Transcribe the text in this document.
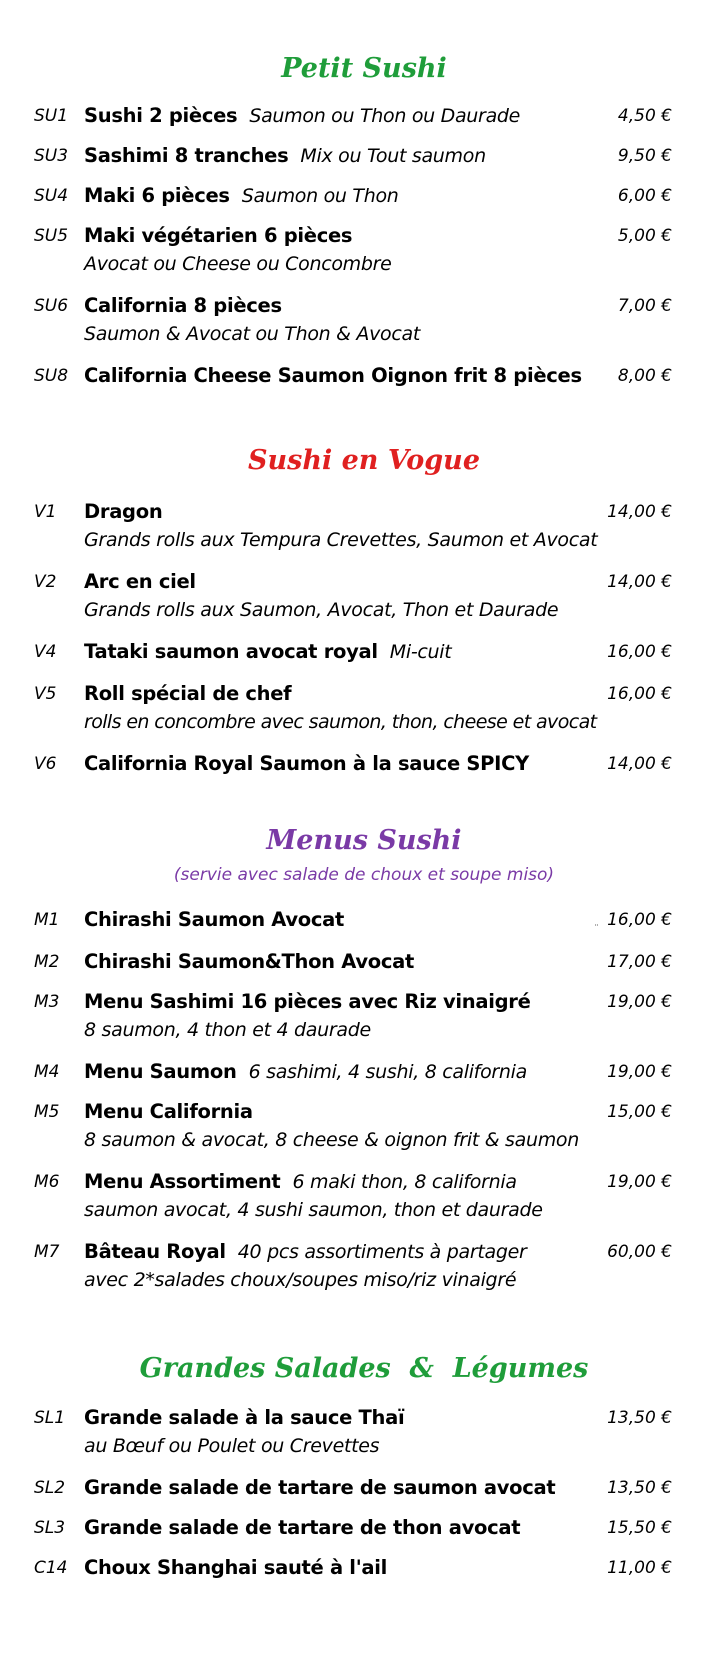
Petit Sushi
SU1 Sushi 2 pièces Saumon ou Thon ou Daurade	4,50 €
SU3 Sashimi 8 tranches Mix ou Tout saumon	9,50 €
SU4 Maki 6 pièces Saumon ou Thon	6,00 €
SU5 Maki végétarien 6 pièces
Avocat ou Cheese ou Concombre
5,00 €
SU6 California 8 pièces
Saumon & Avocat ou Thon & Avocat
7,00 €
SU8 California Cheese Saumon Oignon frit 8 pièces 8,00 €
Sushi en Vogue
V1 Dragon
Grands rolls aux Tempura Crevettes, Saumon et Avocat
14,00 €
V2 Arc en ciel
Grands rolls aux Saumon, Avocat, Thon et Daurade
14,00 €
V4 Tataki saumon avocat royal Mi-cuit	16,00 €
V5 Roll spécial de chef
rolls en concombre avec saumon, thon, cheese et avocat
16,00 €
V6 California Royal Saumon à la sauce SPICY	14,00 €
Menus Sushi
(servie avec salade de choux et soupe miso)
M1 Chirashi Saumon Avocat	16,00 €
¨
M2 Chirashi Saumon&Thon Avocat	17,00 €
M3 Menu Sashimi 16 pièces avec Riz vinaigré
8 saumon, 4 thon et 4 daurade
19,00 €
M4 Menu Saumon 6 sashimi, 4 sushi, 8 california	19,00 €
M5 Menu California
8 saumon & avocat, 8 cheese & oignon frit & saumon
15,00 €
M6 Menu Assortiment 6 maki thon, 8 california
saumon avocat, 4 sushi saumon, thon et daurade
19,00 €
M7 Bâteau Royal 40 pcs assortiments à partager
avec 2*salades choux/soupes miso/riz vinaigré
60,00 €
Grandes Salades  &  Légumes
SL1 Grande salade à la sauce Thaï
au Bœuf ou Poulet ou Crevettes
13,50 €
SL2 Grande salade de tartare de saumon avocat	13,50 €
SL3 Grande salade de tartare de thon avocat	15,50 €
C14 Choux Shanghai sauté à l'ail	11,00 €
